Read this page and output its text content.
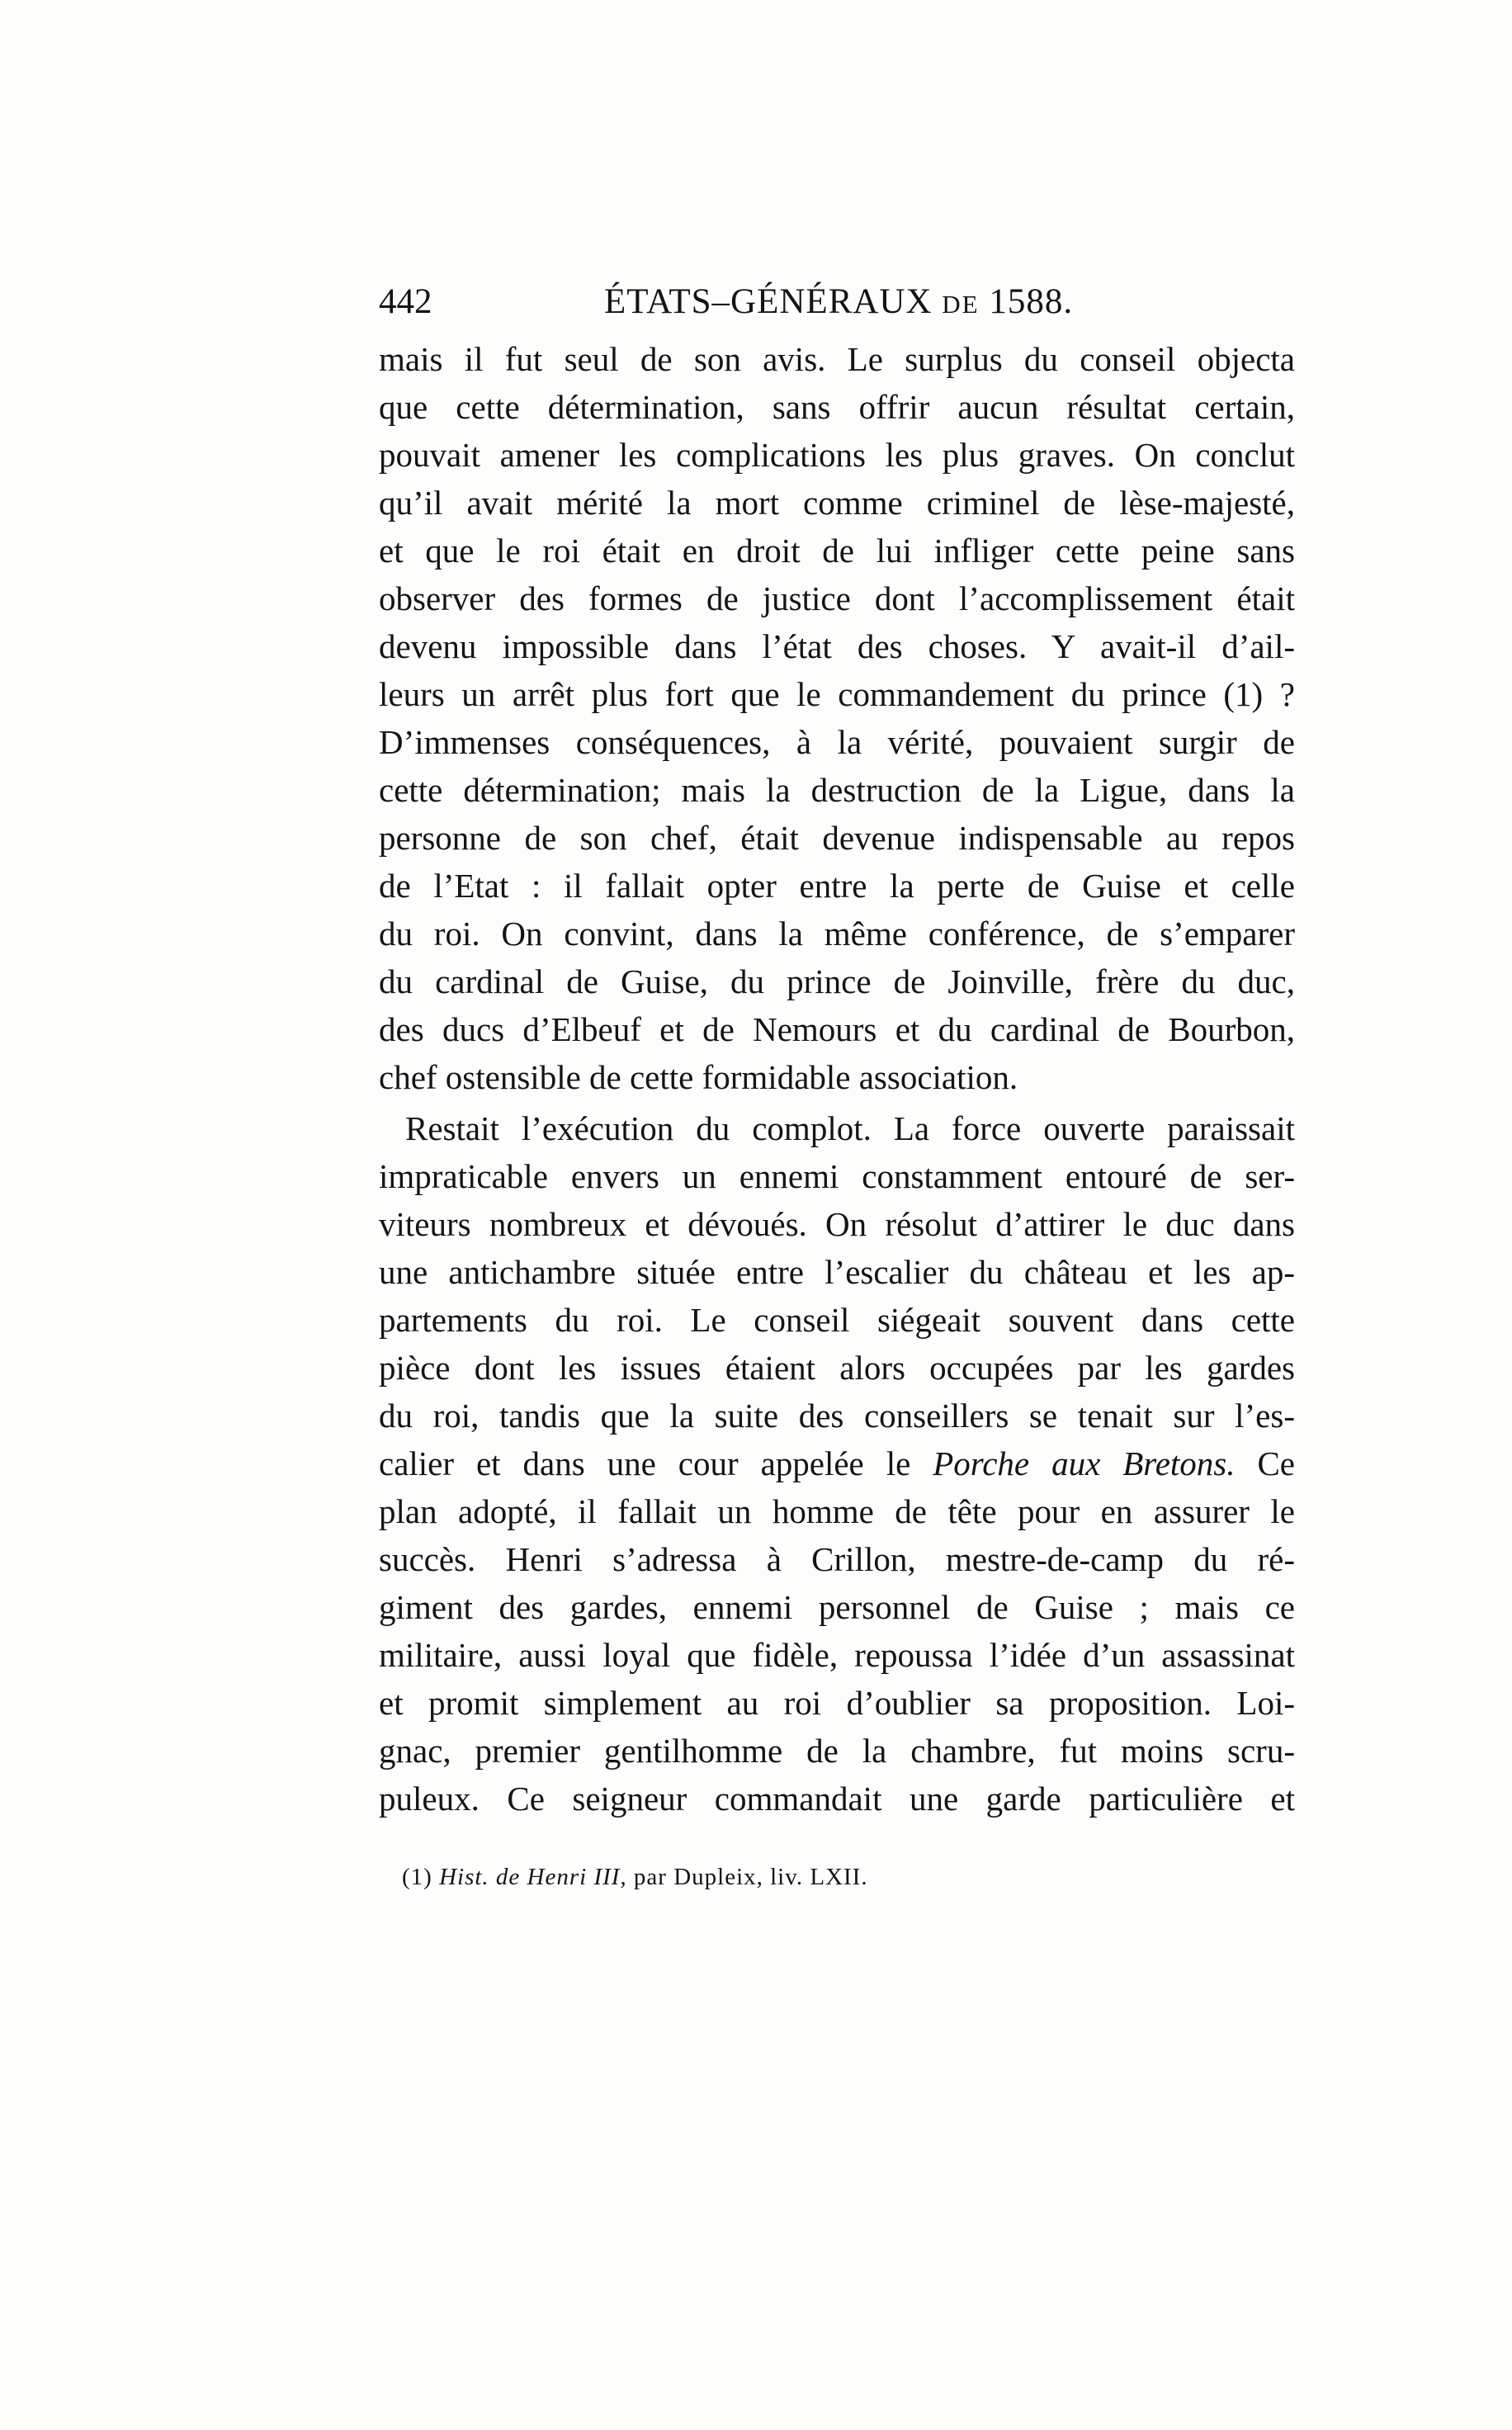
442	ÉTATS–GÉNÉRAUX DE 1588.
mais il fut seul de son avis. Le surplus du conseil objecta
que cette détermination, sans offrir aucun résultat certain,
pouvait amener les complications les plus graves. On conclut
qu’il avait mérité la mort comme criminel de lèse-majesté,
et que le roi était en droit de lui infliger cette peine sans
observer des formes de justice dont l’accomplissement était
devenu impossible dans l’état des choses. Y avait-il d’ail-
leurs un arrêt plus fort que le commandement du prince (1) ?
D’immenses conséquences, à la vérité, pouvaient surgir de
cette détermination; mais la destruction de la Ligue, dans la
personne de son chef, était devenue indispensable au repos
de l’Etat : il fallait opter entre la perte de Guise et celle
du roi. On convint, dans la même conférence, de s’emparer
du cardinal de Guise, du prince de Joinville, frère du duc,
des ducs d’Elbeuf et de Nemours et du cardinal de Bourbon,
chef ostensible de cette formidable association.
Restait l’exécution du complot. La force ouverte paraissait
impraticable envers un ennemi constamment entouré de ser-
viteurs nombreux et dévoués. On résolut d’attirer le duc dans
une antichambre située entre l’escalier du château et les ap-
partements du roi. Le conseil siégeait souvent dans cette
pièce dont les issues étaient alors occupées par les gardes
du roi, tandis que la suite des conseillers se tenait sur l’es-
calier et dans une cour appelée le Porche aux Bretons. Ce
plan adopté, il fallait un homme de tête pour en assurer le
succès. Henri s’adressa à Crillon, mestre-de-camp du ré-
giment des gardes, ennemi personnel de Guise ; mais ce
militaire, aussi loyal que fidèle, repoussa l’idée d’un assassinat
et promit simplement au roi d’oublier sa proposition. Loi-
gnac, premier gentilhomme de la chambre, fut moins scru-
puleux. Ce seigneur commandait une garde particulière et
(1) Hist. de Henri III, par Dupleix, liv. LXII.
